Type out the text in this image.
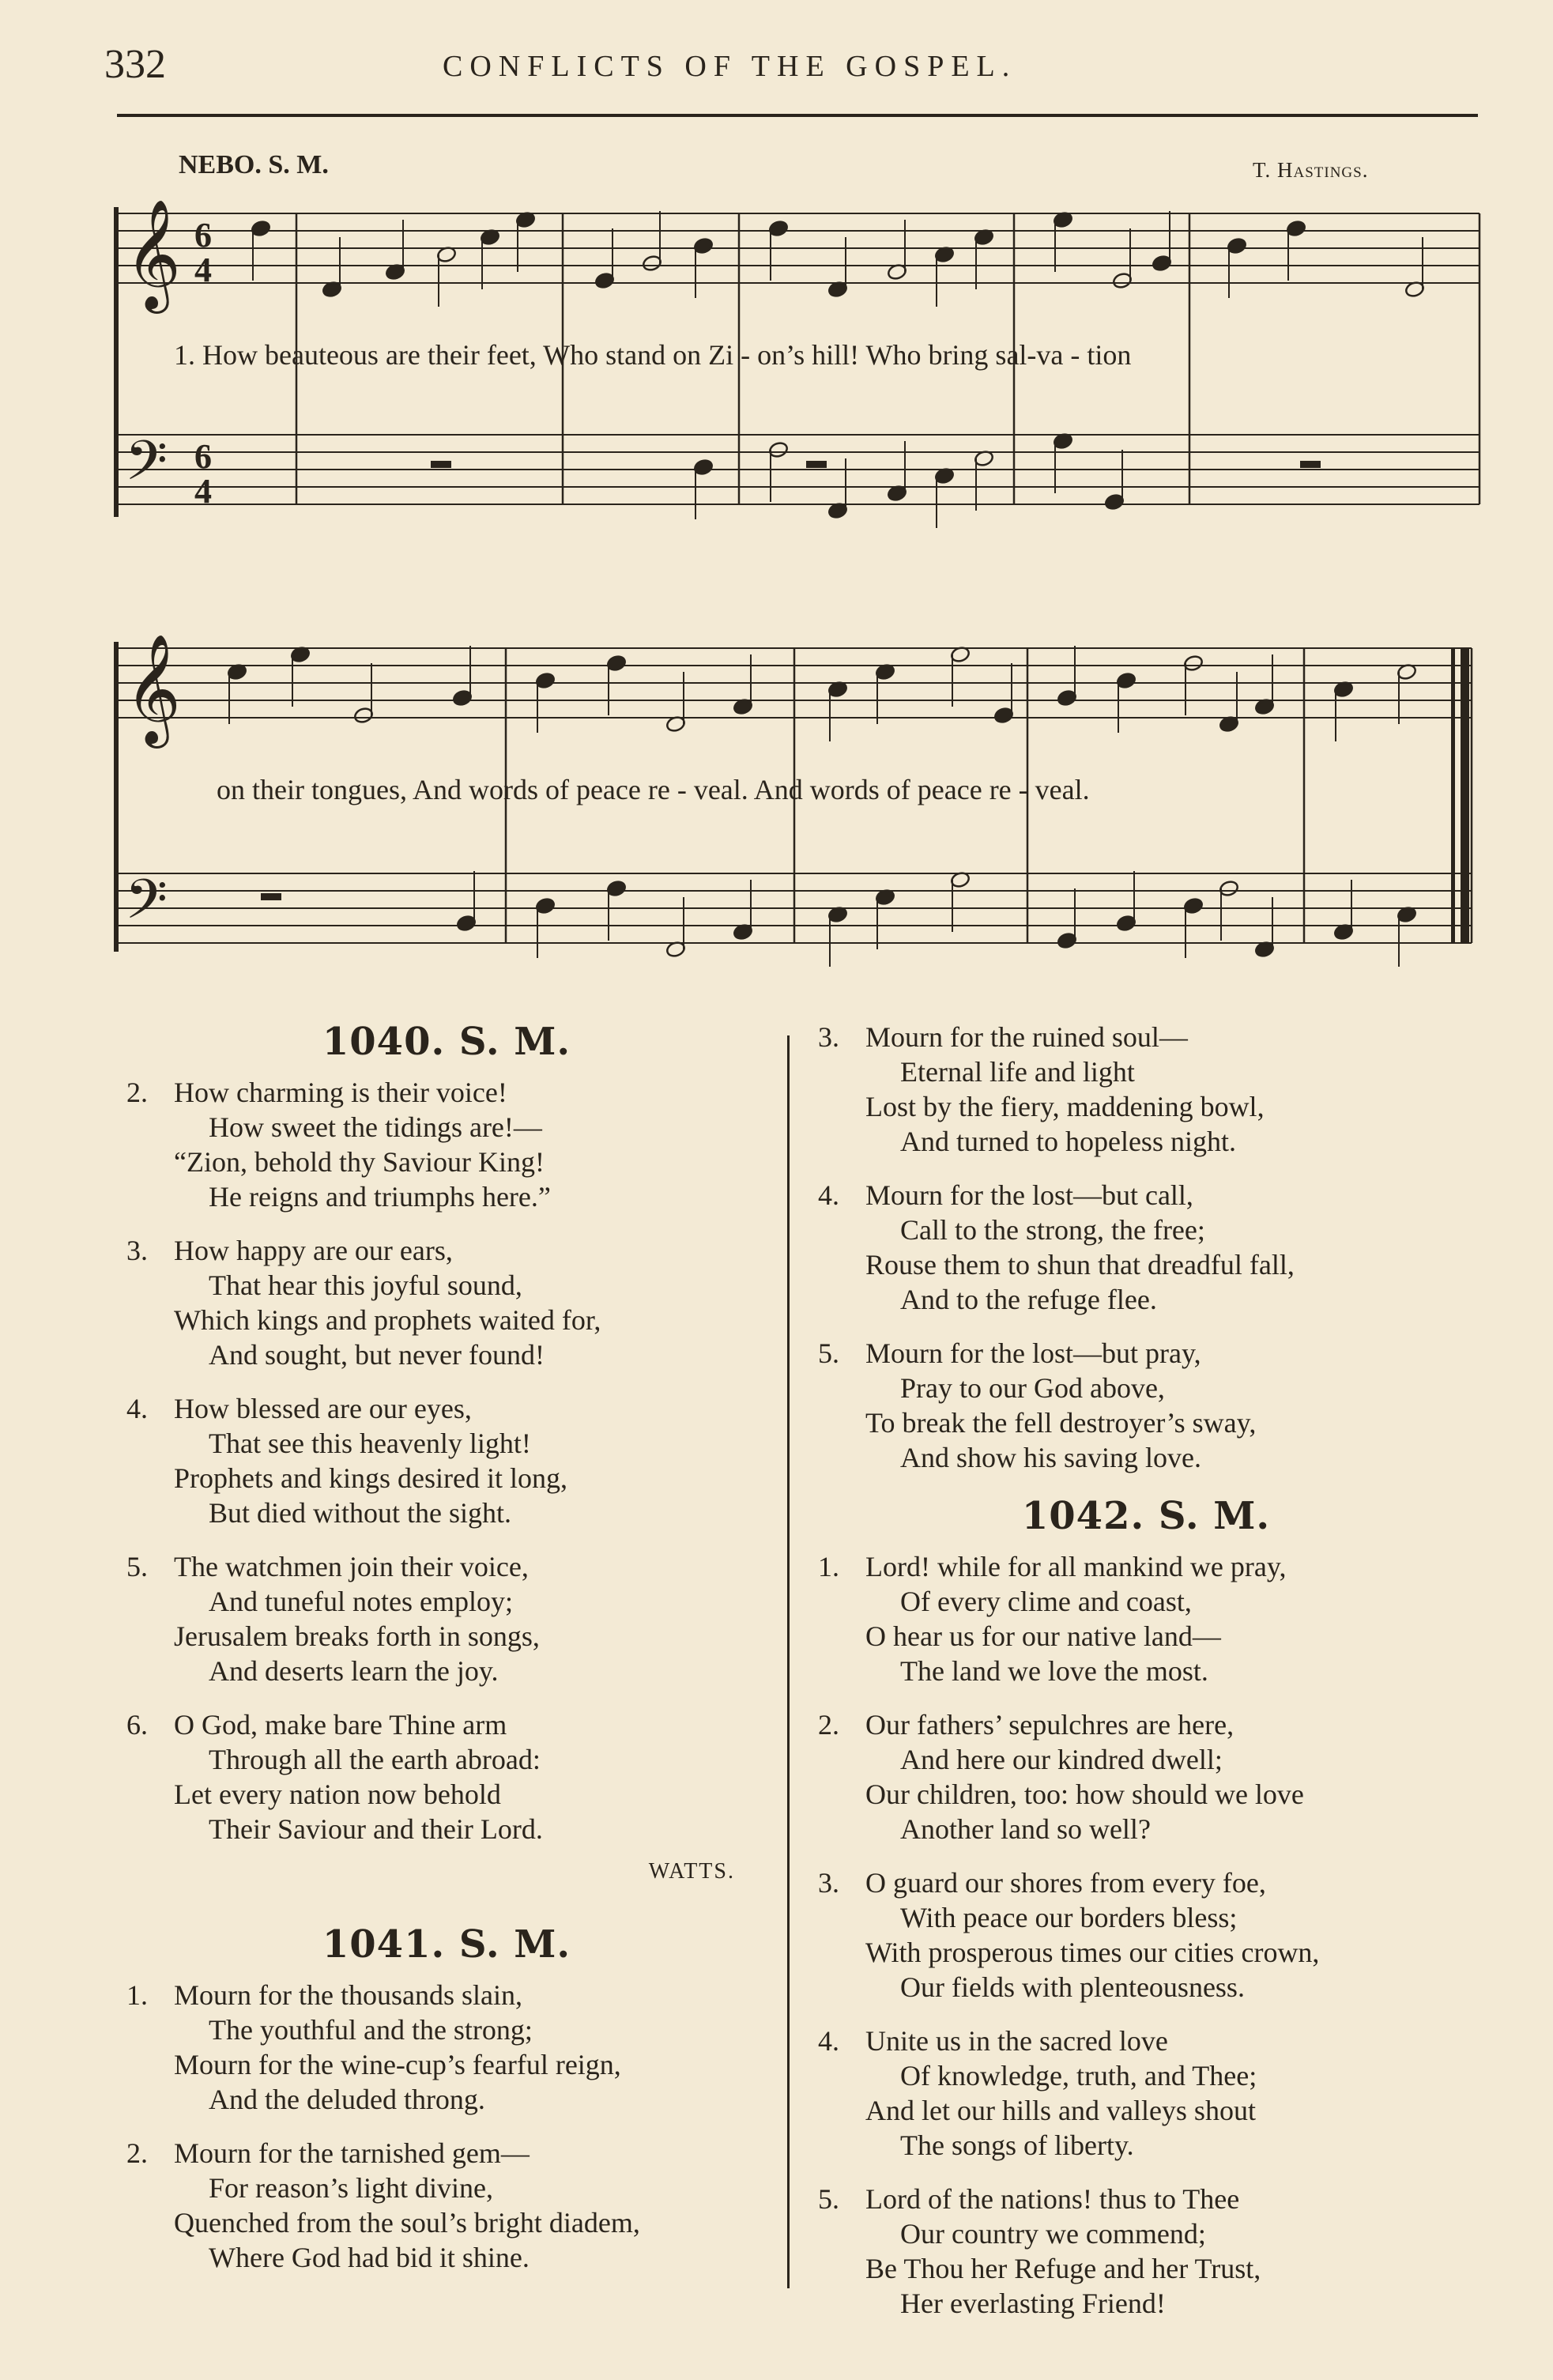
332	CONFLICTS OF THE GOSPEL.
NEBO. S. M.	T. Hastings.
𝄞 6
4
𝄢 6
4
𝄞
𝄢
1. How beauteous are their feet, Who stand on Zi - on’s hill! Who bring sal-va - tion
on their tongues, And words of peace re - veal. And words of peace re - veal.
1040. S. M.
2. How charming is their voice!
How sweet the tidings are!—
“Zion, behold thy Saviour King!
He reigns and triumphs here.”
3. How happy are our ears,
That hear this joyful sound,
Which kings and prophets waited for,
And sought, but never found!
4. How blessed are our eyes,
That see this heavenly light!
Prophets and kings desired it long,
But died without the sight.
5. The watchmen join their voice,
And tuneful notes employ;
Jerusalem breaks forth in songs,
And deserts learn the joy.
6. O God, make bare Thine arm
Through all the earth abroad:
Let every nation now behold
Their Saviour and their Lord.
WATTS.
1041. S. M.
1. Mourn for the thousands slain,
The youthful and the strong;
Mourn for the wine-cup’s fearful reign,
And the deluded throng.
2. Mourn for the tarnished gem—
For reason’s light divine,
Quenched from the soul’s bright diadem,
Where God had bid it shine.
3. Mourn for the ruined soul—
Eternal life and light
Lost by the fiery, maddening bowl,
And turned to hopeless night.
4. Mourn for the lost—but call,
Call to the strong, the free;
Rouse them to shun that dreadful fall,
And to the refuge flee.
5. Mourn for the lost—but pray,
Pray to our God above,
To break the fell destroyer’s sway,
And show his saving love.
1042. S. M.
1. Lord! while for all mankind we pray,
Of every clime and coast,
O hear us for our native land—
The land we love the most.
2. Our fathers’ sepulchres are here,
And here our kindred dwell;
Our children, too: how should we love
Another land so well?
3. O guard our shores from every foe,
With peace our borders bless;
With prosperous times our cities crown,
Our fields with plenteousness.
4. Unite us in the sacred love
Of knowledge, truth, and Thee;
And let our hills and valleys shout
The songs of liberty.
5. Lord of the nations! thus to Thee
Our country we commend;
Be Thou her Refuge and her Trust,
Her everlasting Friend!
